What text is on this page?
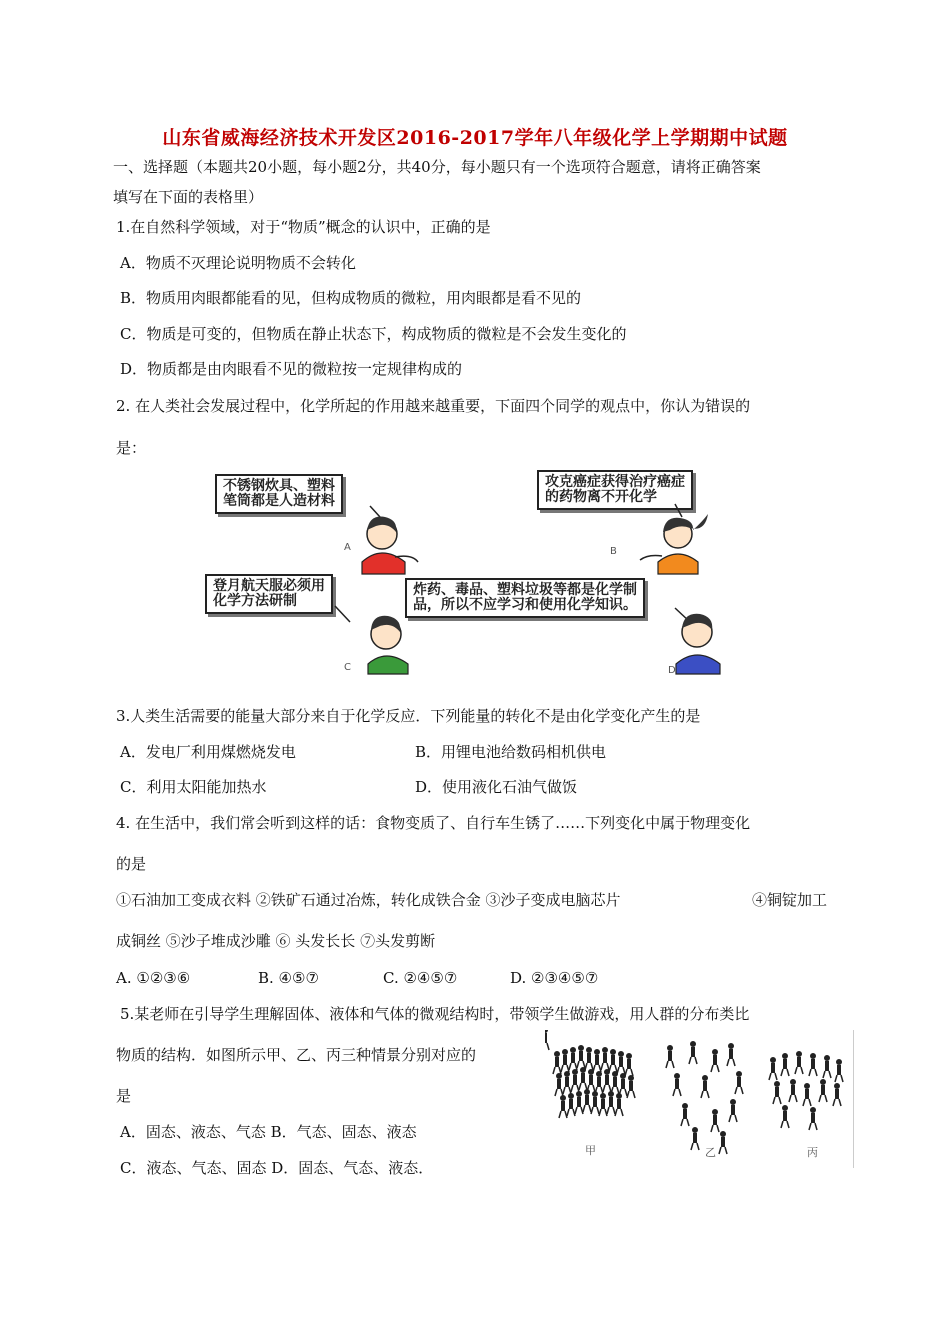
山东省威海经济技术开发区2016-2017学年八年级化学上学期期中试题
一、选择题（本题共20小题，每小题2分，共40分，每小题只有一个选项符合题意，请将正确答案
填写在下面的表格里）
1.在自然科学领域，对于“物质”概念的认识中，正确的是
A．物质不灭理论说明物质不会转化
B．物质用肉眼都能看的见，但构成物质的微粒，用肉眼都是看不见的
C．物质是可变的，但物质在静止状态下，构成物质的微粒是不会发生变化的
D．物质都是由肉眼看不见的微粒按一定规律构成的
2. 在人类社会发展过程中，化学所起的作用越来越重要，下面四个同学的观点中，你认为错误的
是：
不锈钢炊具、塑料
笔筒都是人造材料
攻克癌症获得治疗癌症
的药物离不开化学
登月航天服必须用
化学方法研制
炸药、毒品、塑料垃圾等都是化学制
品，所以不应学习和使用化学知识。
A	B
C	D
3.人类生活需要的能量大部分来自于化学反应．下列能量的转化不是由化学变化产生的是
A．发电厂利用煤燃烧发电	B．用锂电池给数码相机供电
C．利用太阳能加热水	D．使用液化石油气做饭
4. 在生活中，我们常会听到这样的话：食物变质了、自行车生锈了……下列变化中属于物理变化
的是
①石油加工变成衣料 ②铁矿石通过冶炼，转化成铁合金 ③沙子变成电脑芯片	④铜锭加工
成铜丝 ⑤沙子堆成沙雕 ⑥ 头发长长 ⑦头发剪断
A. ①②③⑥	B. ④⑤⑦	C. ②④⑤⑦	D. ②③④⑤⑦
5.某老师在引导学生理解固体、液体和气体的微观结构时，带领学生做游戏，用人群的分布类比
物质的结构．如图所示甲、乙、丙三种情景分别对应的
是
A．固态、液态、气态 B．气态、固态、液态
C．液态、气态、固态 D．固态、气态、液态．
甲	乙	丙
